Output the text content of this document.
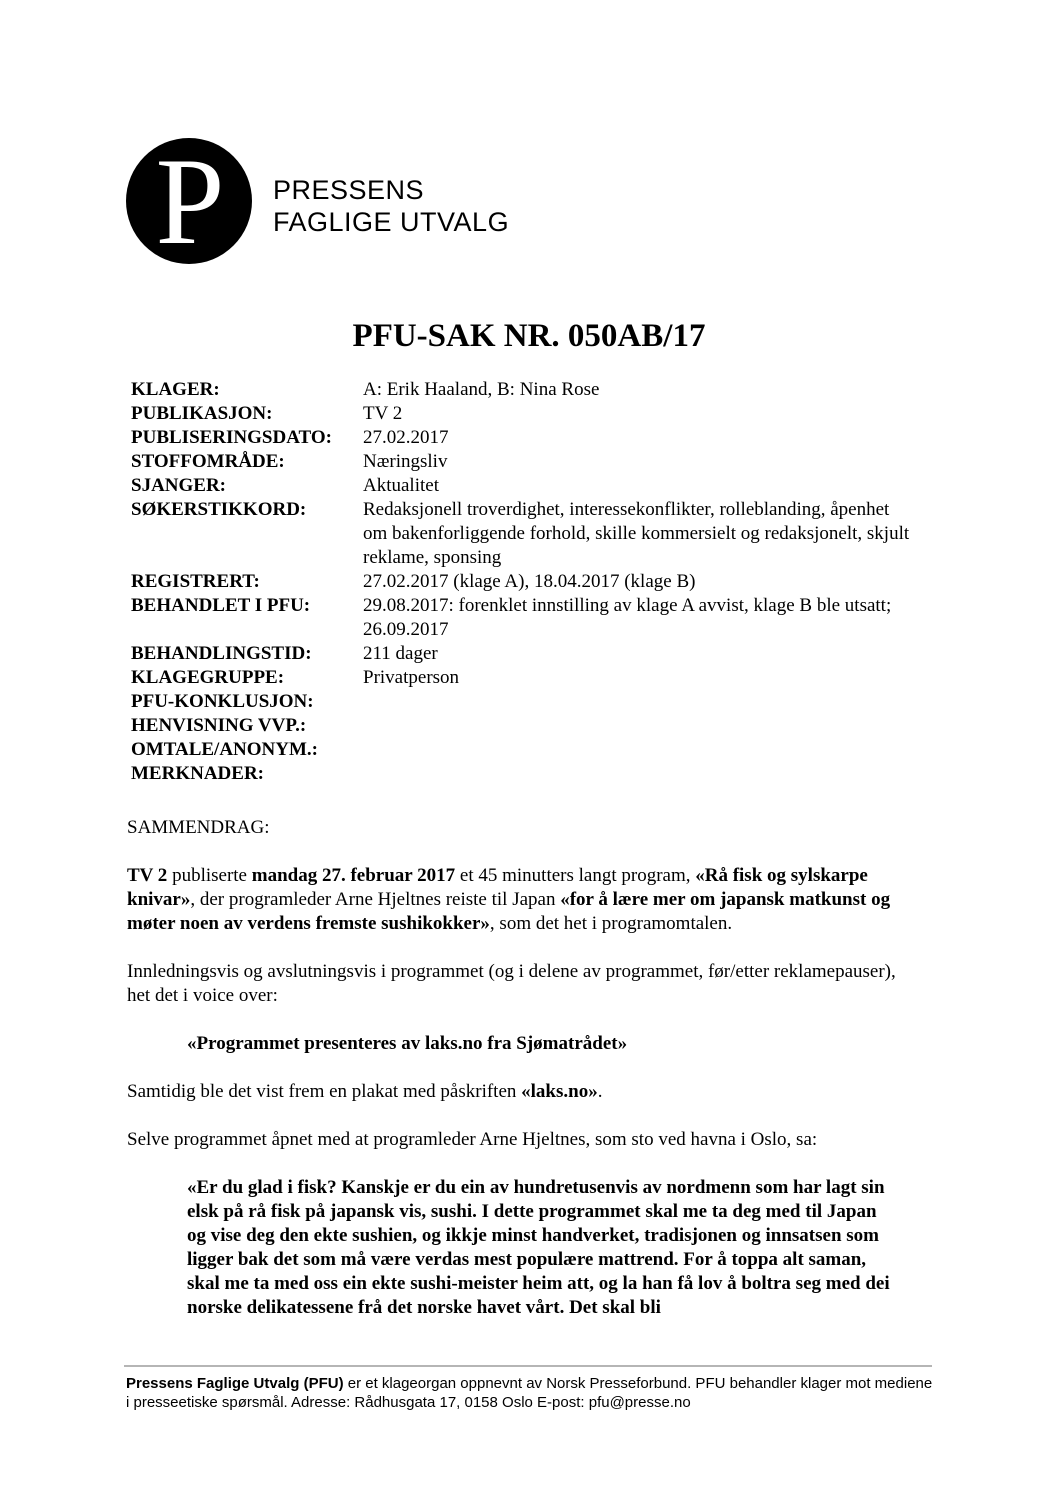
P PRESSENS
FAGLIGE UTVALG
PFU-SAK NR. 050AB/17
KLAGER:	A: Erik Haaland, B: Nina Rose
PUBLIKASJON:	TV 2
PUBLISERINGSDATO:	27.02.2017
STOFFOMRÅDE:	Næringsliv
SJANGER:	Aktualitet
SØKERSTIKKORD:	Redaksjonell troverdighet, interessekonflikter, rolleblanding, åpenhet om bakenforliggende forhold, skille kommersielt og redaksjonelt, skjult reklame, sponsing
REGISTRERT:	27.02.2017 (klage A), 18.04.2017 (klage B)
BEHANDLET I PFU:	29.08.2017: forenklet innstilling av klage A avvist, klage B ble utsatt; 26.09.2017
BEHANDLINGSTID:	211 dager
KLAGEGRUPPE:	Privatperson
PFU-KONKLUSJON:
HENVISNING VVP.:
OMTALE/ANONYM.:
MERKNADER:

SAMMENDRAG:

TV 2 publiserte mandag 27. februar 2017 et 45 minutters langt program, «Rå fisk og sylskarpe knivar», der programleder Arne Hjeltnes reiste til Japan «for å lære mer om japansk matkunst og møter noen av verdens fremste sushikokker», som det het i programomtalen.

Innledningsvis og avslutningsvis i programmet (og i delene av programmet, før/etter reklamepauser), het det i voice over:

«Programmet presenteres av laks.no fra Sjømatrådet»

Samtidig ble det vist frem en plakat med påskriften «laks.no».

Selve programmet åpnet med at programleder Arne Hjeltnes, som sto ved havna i Oslo, sa:

«Er du glad i fisk? Kanskje er du ein av hundretusenvis av nordmenn som har lagt sin elsk på rå fisk på japansk vis, sushi. I dette programmet skal me ta deg med til Japan og vise deg den ekte sushien, og ikkje minst handverket, tradisjonen og innsatsen som ligger bak det som må være verdas mest populære mattrend. For å toppa alt saman, skal me ta med oss ein ekte sushi-meister heim att, og la han få lov å boltra seg med dei norske delikatessene frå det norske havet vårt. Det skal bli

Pressens Faglige Utvalg (PFU) er et klageorgan oppnevnt av Norsk Presseforbund. PFU behandler klager mot mediene i presseetiske spørsmål. Adresse: Rådhusgata 17, 0158 Oslo E-post: pfu@presse.no
